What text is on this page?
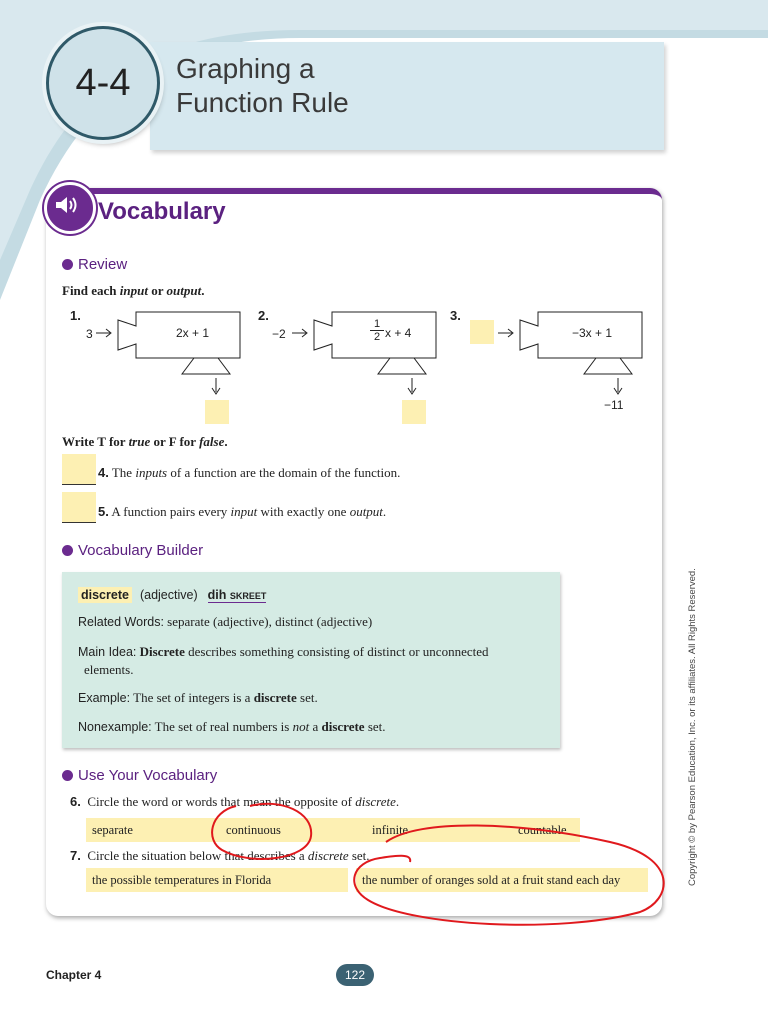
Graphing a
Function Rule
4-4
Vocabulary
Review
Find each input or output.
1.
3	2x + 1
2.
−2
1
2 x + 4
3.
−3x + 1
−11
Write T for true or F for false.
4. The inputs of a function are the domain of the function.
5. A function pairs every input with exactly one output.
Vocabulary Builder
discrete (adjective) dih SKREET
Related Words: separate (adjective), distinct (adjective)
Main Idea: Discrete describes something consisting of distinct or unconnected
elements.
Example: The set of integers is a discrete set.
Nonexample: The set of real numbers is not a discrete set.
Use Your Vocabulary
6. Circle the word or words that mean the opposite of discrete.
separate	continuous	infinite	countable
7. Circle the situation below that describes a discrete set.
the possible temperatures in Florida	the number of oranges sold at a fruit stand each day
Chapter 4	122
Copyright © by Pearson Education, Inc. or its affiliates. All Rights Reserved.
